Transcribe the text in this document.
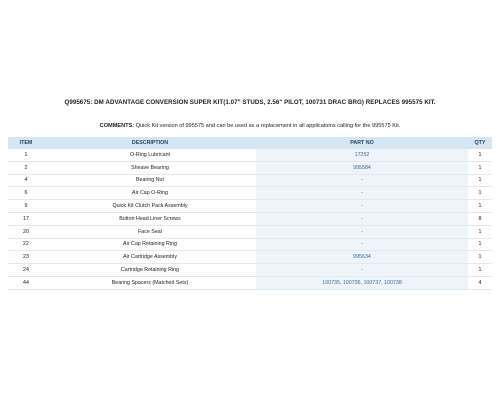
Q995675: DM ADVANTAGE CONVERSION SUPER KIT(1.07" STUDS, 2.56" PILOT, 100731 DRAC BRG) REPLACES 995575 KIT.
COMMENTS: Quick Kit version of 995575 and can be used as a replacement in all applications calling for the 995575 Kit.
ITEM	DESCRIPTION	PART NO	QTY
1	O-Ring Lubricant	17252	1
2	Sheave Bearing	995584	1
4	Bearing Nut	-	1
6	Air Cap O-Ring	-	1
9	Quick Kit Clutch Pack Assembly	-	1
17	Button Head Liner Screws	-	8
20	Face Seal	-	1
22	Air Cap Retaining Ring	-	1
23	Air Cartridge Assembly	995634	1
24	Cartridge Retaining Ring	-	1
44	Bearing Spacers (Matched Sets)	100735, 100736, 100737, 100738	4
